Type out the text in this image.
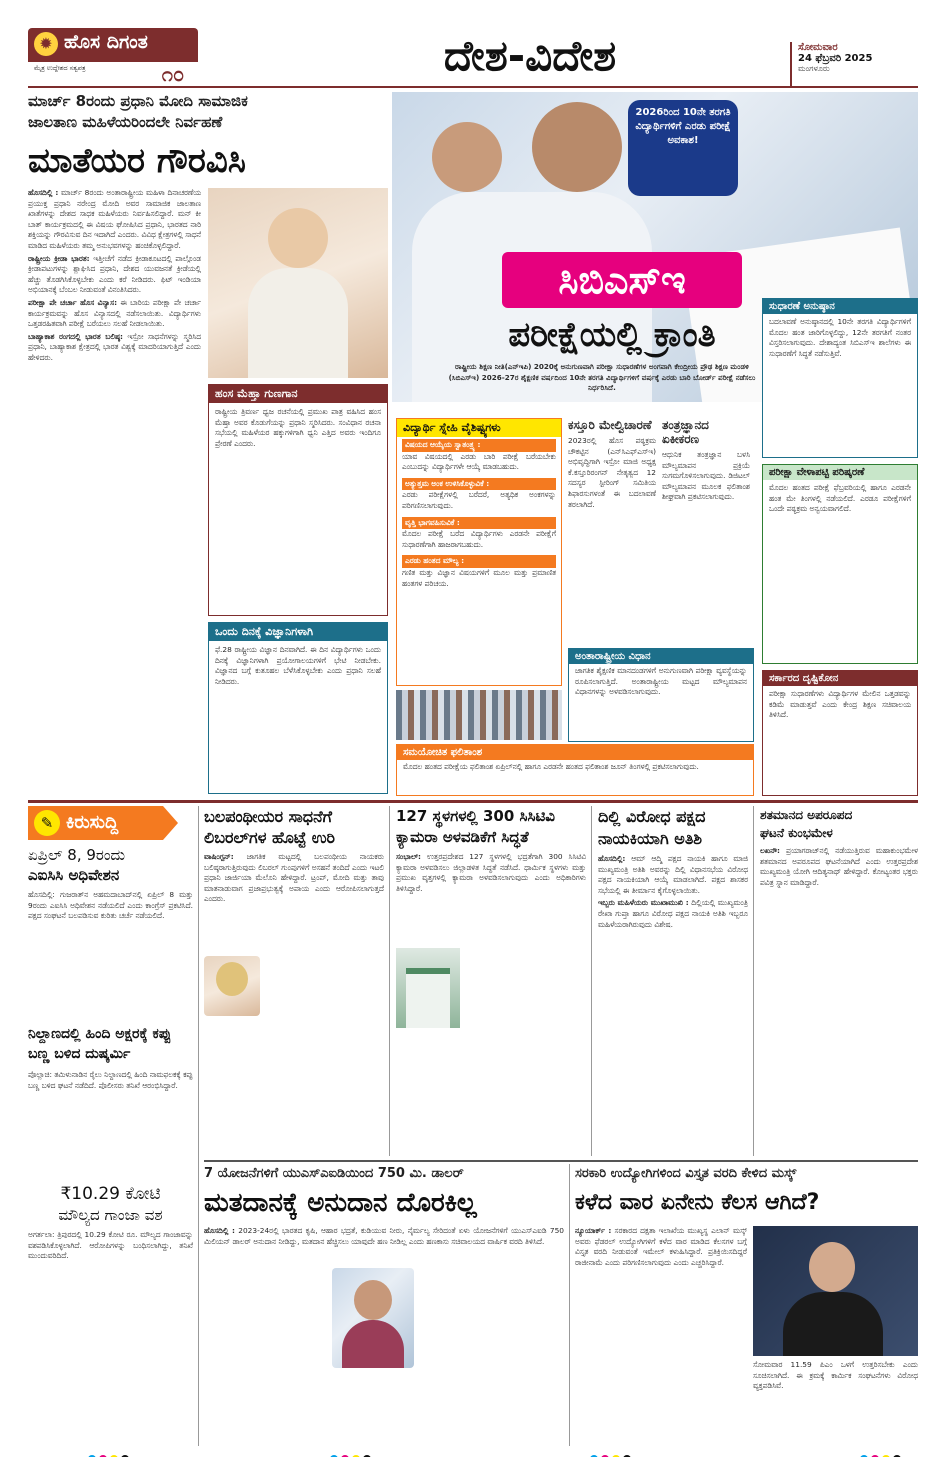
✹ ಹೊಸ ದಿಗಂತ
ಮೈತ್ರ ಉದ್ದೇಶದ ಸತ್ವಪತ್ರ	೧೦	ದೇಶ-ವಿದೇಶ	ಸೋಮವಾರ
24 ಫೆಬ್ರವರಿ 2025
ಮಂಗಳೂರು
ಮಾರ್ಚ್ 8ರಂದು ಪ್ರಧಾನಿ ಮೋದಿ ಸಾಮಾಜಿಕ
ಜಾಲತಾಣ ಮಹಿಳೆಯರಿಂದಲೇ ನಿರ್ವಹಣೆ
ಮಾತೆಯರ ಗೌರವಿಸಿ

ಹೊಸದಿಲ್ಲಿ : ಮಾರ್ಚ್ 8ರಂದು ಅಂತಾರಾಷ್ಟ್ರೀಯ ಮಹಿಳಾ ದಿನಾಚರಣೆಯ ಪ್ರಯುಕ್ತ ಪ್ರಧಾನಿ ನರೇಂದ್ರ ಮೋದಿ ಅವರ ಸಾಮಾಜಿಕ ಜಾಲತಾಣ ಖಾತೆಗಳನ್ನು ದೇಶದ ಸಾಧಕ ಮಹಿಳೆಯರು ನಿರ್ವಹಿಸಲಿದ್ದಾರೆ. ಮನ್ ಕೀ ಬಾತ್ ಕಾರ್ಯಕ್ರಮದಲ್ಲಿ ಈ ವಿಷಯ ಘೋಷಿಸಿದ ಪ್ರಧಾನಿ, ಭಾರತದ ನಾರಿ ಶಕ್ತಿಯನ್ನು ಗೌರವಿಸುವ ದಿನ ಇದಾಗಿದೆ ಎಂದರು. ವಿವಿಧ ಕ್ಷೇತ್ರಗಳಲ್ಲಿ ಸಾಧನೆ ಮಾಡಿದ ಮಹಿಳೆಯರು ತಮ್ಮ ಅನುಭವಗಳನ್ನು ಹಂಚಿಕೊಳ್ಳಲಿದ್ದಾರೆ.

ರಾಷ್ಟ್ರೀಯ ಕ್ರೀಡಾ ಭಾರತ: ಇತ್ತೀಚೆಗೆ ನಡೆದ ಕ್ರೀಡಾಕೂಟದಲ್ಲಿ ಪಾಲ್ಗೊಂಡ ಕ್ರೀಡಾಪಟುಗಳನ್ನು ಶ್ಲಾಘಿಸಿದ ಪ್ರಧಾನಿ, ದೇಶದ ಯುವಜನತೆ ಕ್ರೀಡೆಯಲ್ಲಿ ಹೆಚ್ಚು ತೊಡಗಿಸಿಕೊಳ್ಳಬೇಕು ಎಂದು ಕರೆ ನೀಡಿದರು. ಫಿಟ್ ಇಂಡಿಯಾ ಅಭಿಯಾನಕ್ಕೆ ಬೆಂಬಲ ನೀಡುವಂತೆ ವಿನಂತಿಸಿದರು.

ಪರೀಕ್ಷಾ ಪೇ ಚರ್ಚಾ ಹೊಸ ವಿನ್ಯಾಸ: ಈ ಬಾರಿಯ ಪರೀಕ್ಷಾ ಪೇ ಚರ್ಚಾ ಕಾರ್ಯಕ್ರಮವನ್ನು ಹೊಸ ವಿನ್ಯಾಸದಲ್ಲಿ ನಡೆಸಲಾಯಿತು. ವಿದ್ಯಾರ್ಥಿಗಳು ಒತ್ತಡರಹಿತವಾಗಿ ಪರೀಕ್ಷೆ ಬರೆಯಲು ಸಲಹೆ ನೀಡಲಾಯಿತು.

ಬಾಹ್ಯಾಕಾಶ ರಂಗದಲ್ಲಿ ಭಾರತ ಬಲಿಷ್ಠ: ಇಸ್ರೋ ಸಾಧನೆಗಳನ್ನು ಸ್ಮರಿಸಿದ ಪ್ರಧಾನಿ, ಬಾಹ್ಯಾಕಾಶ ಕ್ಷೇತ್ರದಲ್ಲಿ ಭಾರತ ವಿಶ್ವಕ್ಕೆ ಮಾದರಿಯಾಗುತ್ತಿದೆ ಎಂದು ಹೇಳಿದರು.

ಹಂಸ ಮೆಹ್ತಾ ಗುಣಗಾನ
ರಾಷ್ಟ್ರೀಯ ತ್ರಿವರ್ಣ ಧ್ವಜ ರಚನೆಯಲ್ಲಿ ಪ್ರಮುಖ ಪಾತ್ರ ವಹಿಸಿದ ಹಂಸ ಮೆಹ್ತಾ ಅವರ ಕೊಡುಗೆಯನ್ನು ಪ್ರಧಾನಿ ಸ್ಮರಿಸಿದರು. ಸಂವಿಧಾನ ರಚನಾ ಸಭೆಯಲ್ಲಿ ಮಹಿಳೆಯರ ಹಕ್ಕುಗಳಿಗಾಗಿ ಧ್ವನಿ ಎತ್ತಿದ ಅವರು ಇಂದಿಗೂ ಪ್ರೇರಣೆ ಎಂದರು.
ಒಂದು ದಿನಕ್ಕೆ ವಿಜ್ಞಾನಿಗಳಾಗಿ
ಫೆ.28 ರಾಷ್ಟ್ರೀಯ ವಿಜ್ಞಾನ ದಿನವಾಗಿದೆ. ಈ ದಿನ ವಿದ್ಯಾರ್ಥಿಗಳು ಒಂದು ದಿನಕ್ಕೆ ವಿಜ್ಞಾನಿಗಳಾಗಿ ಪ್ರಯೋಗಾಲಯಗಳಿಗೆ ಭೇಟಿ ನೀಡಬೇಕು. ವಿಜ್ಞಾನದ ಬಗ್ಗೆ ಕುತೂಹಲ ಬೆಳೆಸಿಕೊಳ್ಳಬೇಕು ಎಂದು ಪ್ರಧಾನಿ ಸಲಹೆ ನೀಡಿದರು.
2026ರಿಂದ 10ನೇ ತರಗತಿ ವಿದ್ಯಾರ್ಥಿಗಳಿಗೆ ಎರಡು ಪರೀಕ್ಷೆ ಅವಕಾಶ!
ಸಿಬಿಎಸ್‌ಇ
ಪರೀಕ್ಷೆಯಲ್ಲಿ ಕ್ರಾಂತಿ
ರಾಷ್ಟ್ರೀಯ ಶಿಕ್ಷಣ ನೀತಿ(ಎನ್‌ಇಪಿ) 2020ಕ್ಕೆ ಅನುಗುಣವಾಗಿ ಪರೀಕ್ಷಾ ಸುಧಾರಣೆಗಳ ಅಂಗವಾಗಿ ಕೇಂದ್ರೀಯ ಪ್ರೌಢ ಶಿಕ್ಷಣ ಮಂಡಳಿ (ಸಿಬಿಎಸ್‌ಇ) 2026-27ರ ಶೈಕ್ಷಣಿಕ ವರ್ಷದಿಂದ 10ನೇ ತರಗತಿ ವಿದ್ಯಾರ್ಥಿಗಳಿಗೆ ವರ್ಷಕ್ಕೆ ಎರಡು ಬಾರಿ ಬೋರ್ಡ್ ಪರೀಕ್ಷೆ ನಡೆಸಲು ನಿರ್ಧರಿಸಿದೆ.
ವಿದ್ಯಾರ್ಥಿ ಸ್ನೇಹಿ ವೈಶಿಷ್ಟ್ಯಗಳು
ವಿಷಯದ ಆಯ್ಕೆಯ ಸ್ವಾತಂತ್ರ್ಯ :
ಯಾವ ವಿಷಯದಲ್ಲಿ ಎರಡು ಬಾರಿ ಪರೀಕ್ಷೆ ಬರೆಯಬೇಕು ಎಂಬುದನ್ನು ವಿದ್ಯಾರ್ಥಿಗಳೇ ಆಯ್ಕೆ ಮಾಡಬಹುದು.
ಅತ್ಯುತ್ತಮ ಅಂಕ ಉಳಿಸಿಕೊಳ್ಳುವಿಕೆ :
ಎರಡು ಪರೀಕ್ಷೆಗಳಲ್ಲಿ ಬರೆದರೆ, ಅತ್ಯಧಿಕ ಅಂಕಗಳನ್ನು ಪರಿಗಣಿಸಲಾಗುವುದು.
ವೃತ್ತಿ ಭಾಗವಹಿಸುವಿಕೆ :
ಮೊದಲ ಪರೀಕ್ಷೆ ಬರೆದ ವಿದ್ಯಾರ್ಥಿಗಳು ಎರಡನೇ ಪರೀಕ್ಷೆಗೆ ಸುಧಾರಣೆಗಾಗಿ ಹಾಜರಾಗಬಹುದು.
ಎರಡು ಹಂತದ ಮೌಲ್ಯ :
ಗಣಿತ ಮತ್ತು ವಿಜ್ಞಾನ ವಿಷಯಗಳಿಗೆ ಮೂಲ ಮತ್ತು ಪ್ರಮಾಣಿತ ಹಂತಗಳ ಪರಿಚಯ.
ಕಸ್ತೂರಿ ಮೇಲ್ವಿಚಾರಣೆ
2023ರಲ್ಲಿ ಹೊಸ ಪಠ್ಯಕ್ರಮ ಚೌಕಟ್ಟಿನ (ಎನ್‌ಸಿಎಫ್‌ಎಸ್‌ಇ) ಅಭಿವೃದ್ಧಿಗಾಗಿ ಇಸ್ರೋ ಮಾಜಿ ಅಧ್ಯಕ್ಷ ಕೆ.ಕಸ್ತೂರಿರಂಗನ್ ನೇತೃತ್ವದ 12 ಸದಸ್ಯರ ಸ್ಟೀರಿಂಗ್ ಸಮಿತಿಯ ಶಿಫಾರಸುಗಳಂತೆ ಈ ಬದಲಾವಣೆ ತರಲಾಗಿದೆ.
ತಂತ್ರಜ್ಞಾನದ ಏಕೀಕರಣ
ಆಧುನಿಕ ತಂತ್ರಜ್ಞಾನ ಬಳಸಿ ಮೌಲ್ಯಮಾಪನ ಪ್ರಕ್ರಿಯೆ ಸುಗಮಗೊಳಿಸಲಾಗುವುದು. ಡಿಜಿಟಲ್ ಮೌಲ್ಯಮಾಪನ ಮೂಲಕ ಫಲಿತಾಂಶ ಶೀಘ್ರವಾಗಿ ಪ್ರಕಟಿಸಲಾಗುವುದು.
ಸಮಯೋಚಿತ ಫಲಿತಾಂಶ
ಮೊದಲ ಹಂತದ ಪರೀಕ್ಷೆಯ ಫಲಿತಾಂಶ ಏಪ್ರಿಲ್‌ನಲ್ಲಿ ಹಾಗೂ ಎರಡನೇ ಹಂತದ ಫಲಿತಾಂಶ ಜೂನ್ ತಿಂಗಳಲ್ಲಿ ಪ್ರಕಟಿಸಲಾಗುವುದು.
ಅಂತಾರಾಷ್ಟ್ರೀಯ ವಿಧಾನ
ಜಾಗತಿಕ ಶೈಕ್ಷಣಿಕ ಮಾನದಂಡಗಳಿಗೆ ಅನುಗುಣವಾಗಿ ಪರೀಕ್ಷಾ ವ್ಯವಸ್ಥೆಯನ್ನು ರೂಪಿಸಲಾಗುತ್ತಿದೆ. ಅಂತಾರಾಷ್ಟ್ರೀಯ ಮಟ್ಟದ ಮೌಲ್ಯಮಾಪನ ವಿಧಾನಗಳನ್ನು ಅಳವಡಿಸಲಾಗುವುದು.
ಸುಧಾರಣೆ ಅನುಷ್ಠಾನ
ಬದಲಾವಣೆ ಅನುಷ್ಠಾನದಲ್ಲಿ 10ನೇ ತರಗತಿ ವಿದ್ಯಾರ್ಥಿಗಳಿಗೆ ಮೊದಲ ಹಂತ ಜಾರಿಗೊಳ್ಳಲಿದ್ದು, 12ನೇ ತರಗತಿಗೆ ನಂತರ ವಿಸ್ತರಿಸಲಾಗುವುದು. ದೇಶಾದ್ಯಂತ ಸಿಬಿಎಸ್‌ಇ ಶಾಲೆಗಳು ಈ ಸುಧಾರಣೆಗೆ ಸಿದ್ಧತೆ ನಡೆಸುತ್ತಿವೆ.
ಪರೀಕ್ಷಾ ವೇಳಾಪಟ್ಟಿ ಪರಿಷ್ಕರಣೆ
ಮೊದಲ ಹಂತದ ಪರೀಕ್ಷೆ ಫೆಬ್ರವರಿಯಲ್ಲಿ ಹಾಗೂ ಎರಡನೇ ಹಂತ ಮೇ ತಿಂಗಳಲ್ಲಿ ನಡೆಯಲಿದೆ. ಎರಡೂ ಪರೀಕ್ಷೆಗಳಿಗೆ ಒಂದೇ ಪಠ್ಯಕ್ರಮ ಅನ್ವಯವಾಗಲಿದೆ.
ಸರ್ಕಾರದ ದೃಷ್ಟಿಕೋನ
ಪರೀಕ್ಷಾ ಸುಧಾರಣೆಗಳು ವಿದ್ಯಾರ್ಥಿಗಳ ಮೇಲಿನ ಒತ್ತಡವನ್ನು ಕಡಿಮೆ ಮಾಡುತ್ತವೆ ಎಂದು ಕೇಂದ್ರ ಶಿಕ್ಷಣ ಸಚಿವಾಲಯ ತಿಳಿಸಿದೆ.
✎ ಕಿರುಸುದ್ದಿ
ಏಪ್ರಿಲ್ 8, 9ರಂದು
ಎಐಸಿಸಿ ಅಧಿವೇಶನ
ಹೊಸದಿಲ್ಲಿ: ಗುಜರಾತ್‌ನ ಅಹಮದಾಬಾದ್‌ನಲ್ಲಿ ಏಪ್ರಿಲ್ 8 ಮತ್ತು 9ರಂದು ಎಐಸಿಸಿ ಅಧಿವೇಶನ ನಡೆಯಲಿದೆ ಎಂದು ಕಾಂಗ್ರೆಸ್ ಪ್ರಕಟಿಸಿದೆ. ಪಕ್ಷದ ಸಂಘಟನೆ ಬಲಪಡಿಸುವ ಕುರಿತು ಚರ್ಚೆ ನಡೆಯಲಿದೆ.
ನಿಲ್ದಾಣದಲ್ಲಿ ಹಿಂದಿ ಅಕ್ಷರಕ್ಕೆ ಕಪ್ಪು ಬಣ್ಣ ಬಳಿದ ದುಷ್ಕರ್ಮಿ
ಪೊಲ್ಲಾಚಿ: ತಮಿಳುನಾಡಿನ ರೈಲು ನಿಲ್ದಾಣದಲ್ಲಿ ಹಿಂದಿ ನಾಮಫಲಕಕ್ಕೆ ಕಪ್ಪು ಬಣ್ಣ ಬಳಿದ ಘಟನೆ ನಡೆದಿದೆ. ಪೊಲೀಸರು ತನಿಖೆ ಆರಂಭಿಸಿದ್ದಾರೆ.
₹10.29 ಕೋಟಿ
ಮೌಲ್ಯದ ಗಾಂಜಾ ವಶ
ಅಗರ್ತಲಾ: ತ್ರಿಪುರದಲ್ಲಿ 10.29 ಕೋಟಿ ರೂ. ಮೌಲ್ಯದ ಗಾಂಜಾವನ್ನು ವಶಪಡಿಸಿಕೊಳ್ಳಲಾಗಿದೆ. ಆರೋಪಿಗಳನ್ನು ಬಂಧಿಸಲಾಗಿದ್ದು, ತನಿಖೆ ಮುಂದುವರಿದಿದೆ.
ಬಲಪಂಥೀಯರ ಸಾಧನೆಗೆ
ಲಿಬರಲ್‌ಗಳ ಹೊಟ್ಟೆ ಉರಿ
ವಾಷಿಂಗ್ಟನ್: ಜಾಗತಿಕ ಮಟ್ಟದಲ್ಲಿ ಬಲಪಂಥೀಯ ನಾಯಕರು ಬಲಿಷ್ಠರಾಗುತ್ತಿರುವುದು ಲಿಬರಲ್ ಗುಂಪುಗಳಿಗೆ ಅಸಹನೆ ತಂದಿದೆ ಎಂದು ಇಟಲಿ ಪ್ರಧಾನಿ ಜಾರ್ಜಿಯಾ ಮೆಲೊನಿ ಹೇಳಿದ್ದಾರೆ. ಟ್ರಂಪ್, ಮೋದಿ ಮತ್ತು ತಾವು ಮಾತನಾಡುವಾಗ ಪ್ರಜಾಪ್ರಭುತ್ವಕ್ಕೆ ಅಪಾಯ ಎಂದು ಆರೋಪಿಸಲಾಗುತ್ತದೆ ಎಂದರು.
127 ಸ್ಥಳಗಳಲ್ಲಿ 300 ಸಿಸಿಟಿವಿ
ಕ್ಯಾಮರಾ ಅಳವಡಿಕೆಗೆ ಸಿದ್ಧತೆ
ಸಂಭಾಲ್: ಉತ್ತರಪ್ರದೇಶದ 127 ಸ್ಥಳಗಳಲ್ಲಿ ಭದ್ರತೆಗಾಗಿ 300 ಸಿಸಿಟಿವಿ ಕ್ಯಾಮರಾ ಅಳವಡಿಸಲು ಜಿಲ್ಲಾಡಳಿತ ಸಿದ್ಧತೆ ನಡೆಸಿದೆ. ಧಾರ್ಮಿಕ ಸ್ಥಳಗಳು ಮತ್ತು ಪ್ರಮುಖ ವೃತ್ತಗಳಲ್ಲಿ ಕ್ಯಾಮರಾ ಅಳವಡಿಸಲಾಗುವುದು ಎಂದು ಅಧಿಕಾರಿಗಳು ತಿಳಿಸಿದ್ದಾರೆ.
ದಿಲ್ಲಿ ವಿರೋಧ ಪಕ್ಷದ
ನಾಯಕಿಯಾಗಿ ಅತಿಶಿ

ಹೊಸದಿಲ್ಲಿ: ಆಮ್ ಆದ್ಮಿ ಪಕ್ಷದ ನಾಯಕಿ ಹಾಗೂ ಮಾಜಿ ಮುಖ್ಯಮಂತ್ರಿ ಅತಿಶಿ ಅವರನ್ನು ದಿಲ್ಲಿ ವಿಧಾನಸಭೆಯ ವಿರೋಧ ಪಕ್ಷದ ನಾಯಕಿಯಾಗಿ ಆಯ್ಕೆ ಮಾಡಲಾಗಿದೆ. ಪಕ್ಷದ ಶಾಸಕರ ಸಭೆಯಲ್ಲಿ ಈ ತೀರ್ಮಾನ ಕೈಗೊಳ್ಳಲಾಯಿತು.

ಇಬ್ಬರು ಮಹಿಳೆಯರು ಮುಖಾಮುಖಿ : ದಿಲ್ಲಿಯಲ್ಲಿ ಮುಖ್ಯಮಂತ್ರಿ ರೇಖಾ ಗುಪ್ತಾ ಹಾಗೂ ವಿರೋಧ ಪಕ್ಷದ ನಾಯಕಿ ಅತಿಶಿ ಇಬ್ಬರೂ ಮಹಿಳೆಯರಾಗಿರುವುದು ವಿಶೇಷ.

ಶತಮಾನದ ಅಪರೂಪದ
ಘಟನೆ ಕುಂಭಮೇಳ
ಲಖನೌ: ಪ್ರಯಾಗರಾಜ್‌ನಲ್ಲಿ ನಡೆಯುತ್ತಿರುವ ಮಹಾಕುಂಭಮೇಳ ಶತಮಾನದ ಅಪರೂಪದ ಘಟನೆಯಾಗಿದೆ ಎಂದು ಉತ್ತರಪ್ರದೇಶ ಮುಖ್ಯಮಂತ್ರಿ ಯೋಗಿ ಆದಿತ್ಯನಾಥ್ ಹೇಳಿದ್ದಾರೆ. ಕೋಟ್ಯಂತರ ಭಕ್ತರು ಪವಿತ್ರ ಸ್ನಾನ ಮಾಡಿದ್ದಾರೆ.
7 ಯೋಜನೆಗಳಿಗೆ ಯುಎಸ್‌ಎಐಡಿಯಿಂದ 750 ಮಿ. ಡಾಲರ್
ಮತದಾನಕ್ಕೆ ಅನುದಾನ ದೊರಕಿಲ್ಲ
ಹೊಸದಿಲ್ಲಿ : 2023-24ರಲ್ಲಿ ಭಾರತದ ಕೃಷಿ, ಆಹಾರ ಭದ್ರತೆ, ಕುಡಿಯುವ ನೀರು, ನೈರ್ಮಲ್ಯ ಸೇರಿದಂತೆ ಏಳು ಯೋಜನೆಗಳಿಗೆ ಯುಎಸ್‌ಎಐಡಿ 750 ಮಿಲಿಯನ್ ಡಾಲರ್ ಅನುದಾನ ನೀಡಿದ್ದು, ಮತದಾನ ಹೆಚ್ಚಿಸಲು ಯಾವುದೇ ಹಣ ನೀಡಿಲ್ಲ ಎಂದು ಹಣಕಾಸು ಸಚಿವಾಲಯದ ವಾರ್ಷಿಕ ವರದಿ ತಿಳಿಸಿದೆ.
ಸರಕಾರಿ ಉದ್ಯೋಗಿಗಳಿಂದ ವಿಸ್ತೃತ ವರದಿ ಕೇಳಿದ ಮಸ್ಕ್
ಕಳೆದ ವಾರ ಏನೇನು ಕೆಲಸ ಆಗಿದೆ?
ನ್ಯೂಯಾರ್ಕ್ : ಸರಕಾರದ ದಕ್ಷತಾ ಇಲಾಖೆಯ ಮುಖ್ಯಸ್ಥ ಎಲಾನ್ ಮಸ್ಕ್ ಅವರು ಫೆಡರಲ್ ಉದ್ಯೋಗಿಗಳಿಗೆ ಕಳೆದ ವಾರ ಮಾಡಿದ ಕೆಲಸಗಳ ಬಗ್ಗೆ ವಿಸ್ತೃತ ವರದಿ ನೀಡುವಂತೆ ಇಮೇಲ್ ಕಳುಹಿಸಿದ್ದಾರೆ. ಪ್ರತಿಕ್ರಿಯಿಸದಿದ್ದರೆ ರಾಜೀನಾಮೆ ಎಂದು ಪರಿಗಣಿಸಲಾಗುವುದು ಎಂದು ಎಚ್ಚರಿಸಿದ್ದಾರೆ.
ಸೋಮವಾರ 11.59 ಪಿಎಂ ಒಳಗೆ ಉತ್ತರಿಸಬೇಕು ಎಂದು ಸೂಚಿಸಲಾಗಿದೆ. ಈ ಕ್ರಮಕ್ಕೆ ಕಾರ್ಮಿಕ ಸಂಘಟನೆಗಳು ವಿರೋಧ ವ್ಯಕ್ತಪಡಿಸಿವೆ.
